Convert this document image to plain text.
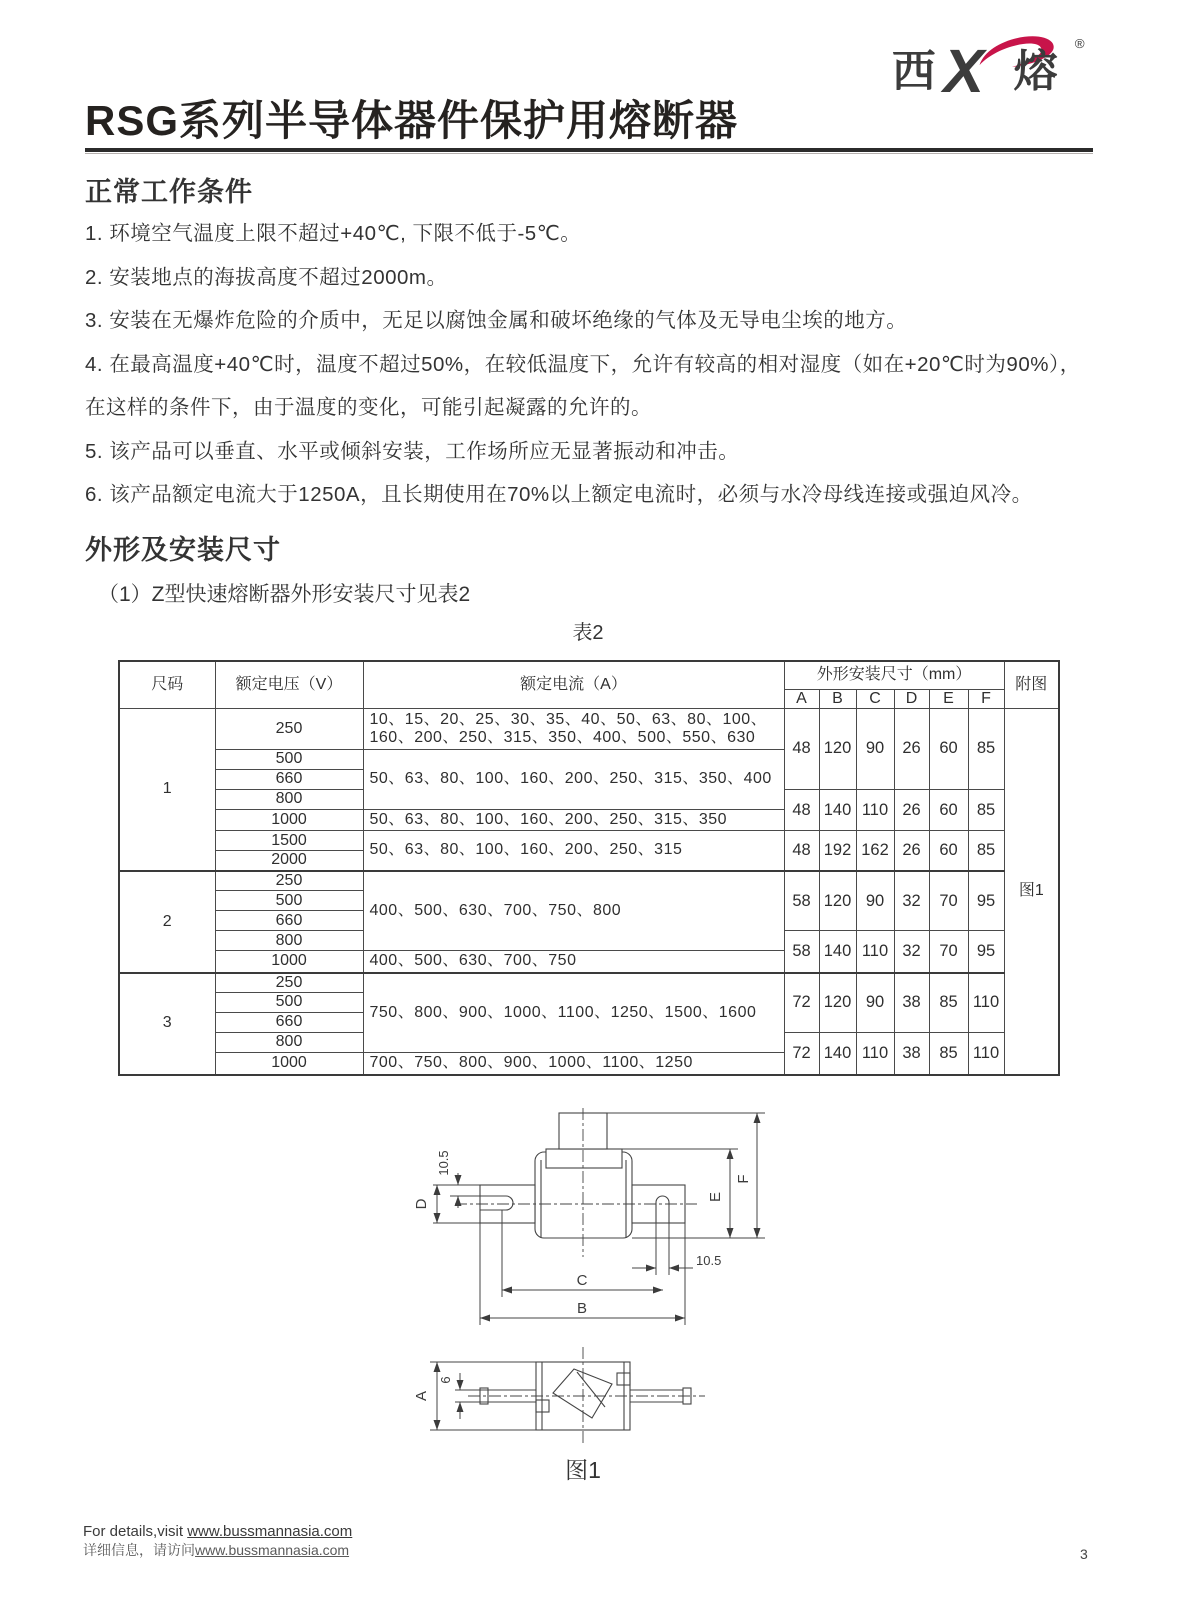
西 X 熔
®
RSG系列半导体器件保护用熔断器
正常工作条件

1. 环境空气温度上限不超过+40℃, 下限不低于-5℃。

2. 安装地点的海拔高度不超过2000m。

3. 安装在无爆炸危险的介质中，无足以腐蚀金属和破坏绝缘的气体及无导电尘埃的地方。

4. 在最高温度+40℃时，温度不超过50%，在较低温度下，允许有较高的相对湿度（如在+20℃时为90%），在这样的条件下，由于温度的变化，可能引起凝露的允许的。

5. 该产品可以垂直、水平或倾斜安装，工作场所应无显著振动和冲击。

6. 该产品额定电流大于1250A，且长期使用在70%以上额定电流时，必须与水冷母线连接或强迫风冷。

外形及安装尺寸

（1）Z型快速熔断器外形安装尺寸见表2

表2

尺码	额定电压（V）	额定电流（A）	外形安装尺寸（mm）						附图
			A	B	C	D	E	F	
1	250	10、15、20、25、30、35、40、50、63、80、100、160、200、250、315、350、400、500、550、630	48	120	90	26	60	85	图1
	500	50、63、80、100、160、200、250、315、350、400							
	660								
	800		48	140	110	26	60	85	
	1000	50、63、80、100、160、200、250、315、350							
	1500	50、63、80、100、160、200、250、315	48	192	162	26	60	85	
	2000								
2	250	400、500、630、700、750、800	58	120	90	32	70	95	
	500								
	660								
	800		58	140	110	32	70	95	
	1000	400、500、630、700、750							
3	250	750、800、900、1000、1100、1250、1500、1600	72	120	90	38	85	110	
	500								
	660								
	800		72	140	110	38	85	110	
	1000	700、750、800、900、1000、1100、1250							
10.5
D
E
F
10.5
C
B
6
A

图1

For details,visit www.bussmannasia.com

详细信息，请访问www.bussmannasia.com	3
